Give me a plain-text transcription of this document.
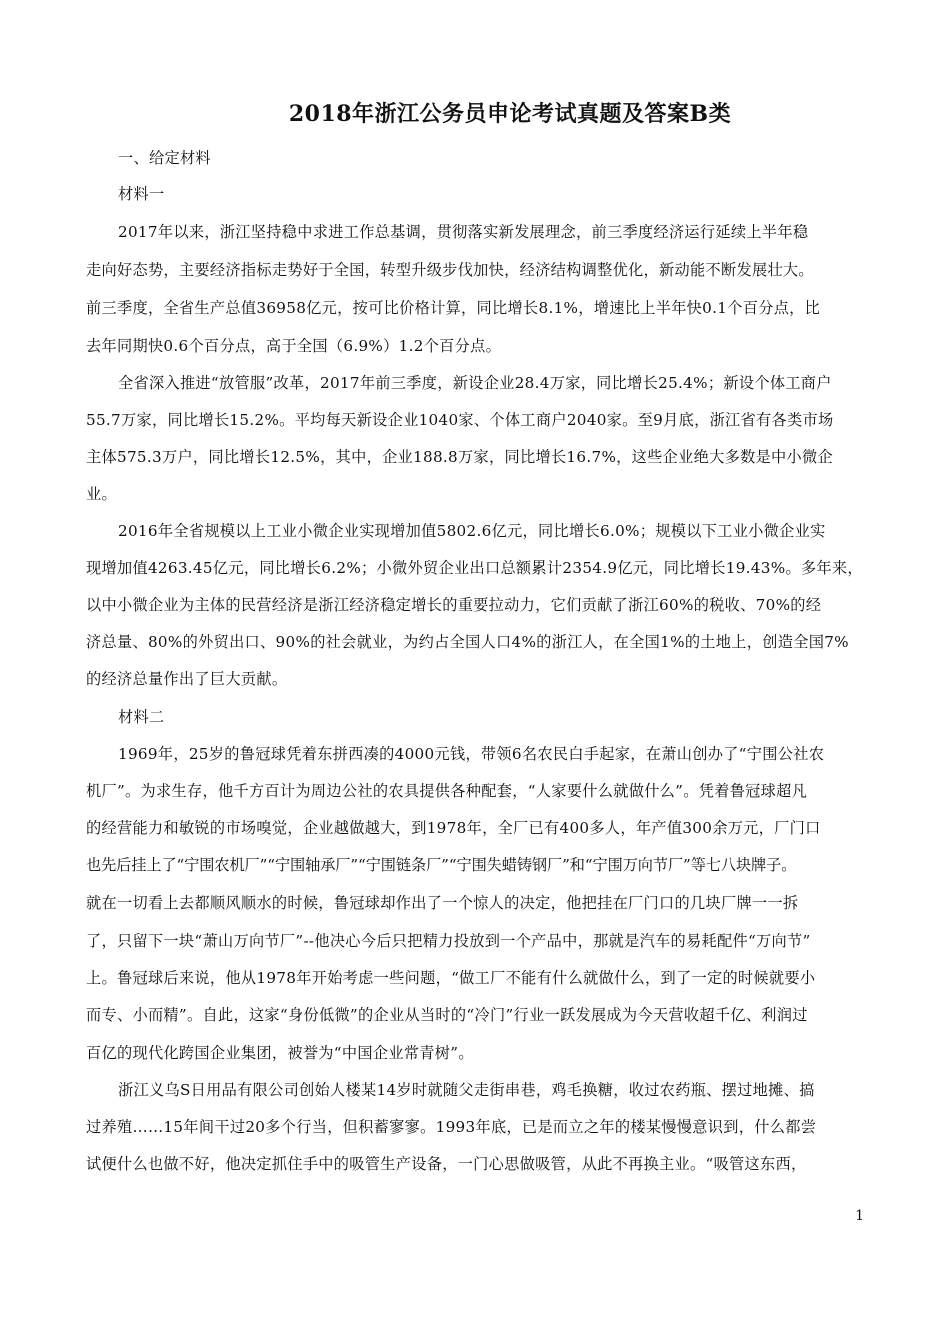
2018年浙江公务员申论考试真题及答案B类
一、给定材料
材料一
2017年以来，浙江坚持稳中求进工作总基调，贯彻落实新发展理念，前三季度经济运行延续上半年稳
走向好态势，主要经济指标走势好于全国，转型升级步伐加快，经济结构调整优化，新动能不断发展壮大。
前三季度，全省生产总值36958亿元，按可比价格计算，同比增长8.1%，增速比上半年快0.1个百分点，比
去年同期快0.6个百分点，高于全国（6.9%）1.2个百分点。
全省深入推进“放管服”改革，2017年前三季度，新设企业28.4万家，同比增长25.4%；新设个体工商户
55.7万家，同比增长15.2%。平均每天新设企业1040家、个体工商户2040家。至9月底，浙江省有各类市场
主体575.3万户，同比增长12.5%，其中，企业188.8万家，同比增长16.7%，这些企业绝大多数是中小微企
业。
2016年全省规模以上工业小微企业实现增加值5802.6亿元，同比增长6.0%；规模以下工业小微企业实
现增加值4263.45亿元，同比增长6.2%；小微外贸企业出口总额累计2354.9亿元，同比增长19.43%。多年来，
以中小微企业为主体的民营经济是浙江经济稳定增长的重要拉动力，它们贡献了浙江60%的税收、70%的经
济总量、80%的外贸出口、90%的社会就业，为约占全国人口4%的浙江人，在全国1%的土地上，创造全国7%
的经济总量作出了巨大贡献。
材料二
1969年，25岁的鲁冠球凭着东拼西凑的4000元钱，带领6名农民白手起家，在萧山创办了“宁围公社农
机厂”。为求生存，他千方百计为周边公社的农具提供各种配套，“人家要什么就做什么”。凭着鲁冠球超凡
的经营能力和敏锐的市场嗅觉，企业越做越大，到1978年，全厂已有400多人，年产值300余万元，厂门口
也先后挂上了“宁围农机厂”“宁围轴承厂”“宁围链条厂”“宁围失蜡铸钢厂”和“宁围万向节厂”等七八块牌子。
就在一切看上去都顺风顺水的时候，鲁冠球却作出了一个惊人的决定，他把挂在厂门口的几块厂牌一一拆
了，只留下一块“萧山万向节厂”--他决心今后只把精力投放到一个产品中，那就是汽车的易耗配件“万向节”
上。鲁冠球后来说，他从1978年开始考虑一些问题，“做工厂不能有什么就做什么，到了一定的时候就要小
而专、小而精”。自此，这家“身份低微”的企业从当时的“冷门”行业一跃发展成为今天营收超千亿、利润过
百亿的现代化跨国企业集团，被誉为“中国企业常青树”。
浙江义乌S日用品有限公司创始人楼某14岁时就随父走街串巷，鸡毛换糖，收过农药瓶、摆过地摊、搞
过养殖……15年间干过20多个行当，但积蓄寥寥。1993年底，已是而立之年的楼某慢慢意识到，什么都尝
试便什么也做不好，他决定抓住手中的吸管生产设备，一门心思做吸管，从此不再换主业。“吸管这东西，
1
